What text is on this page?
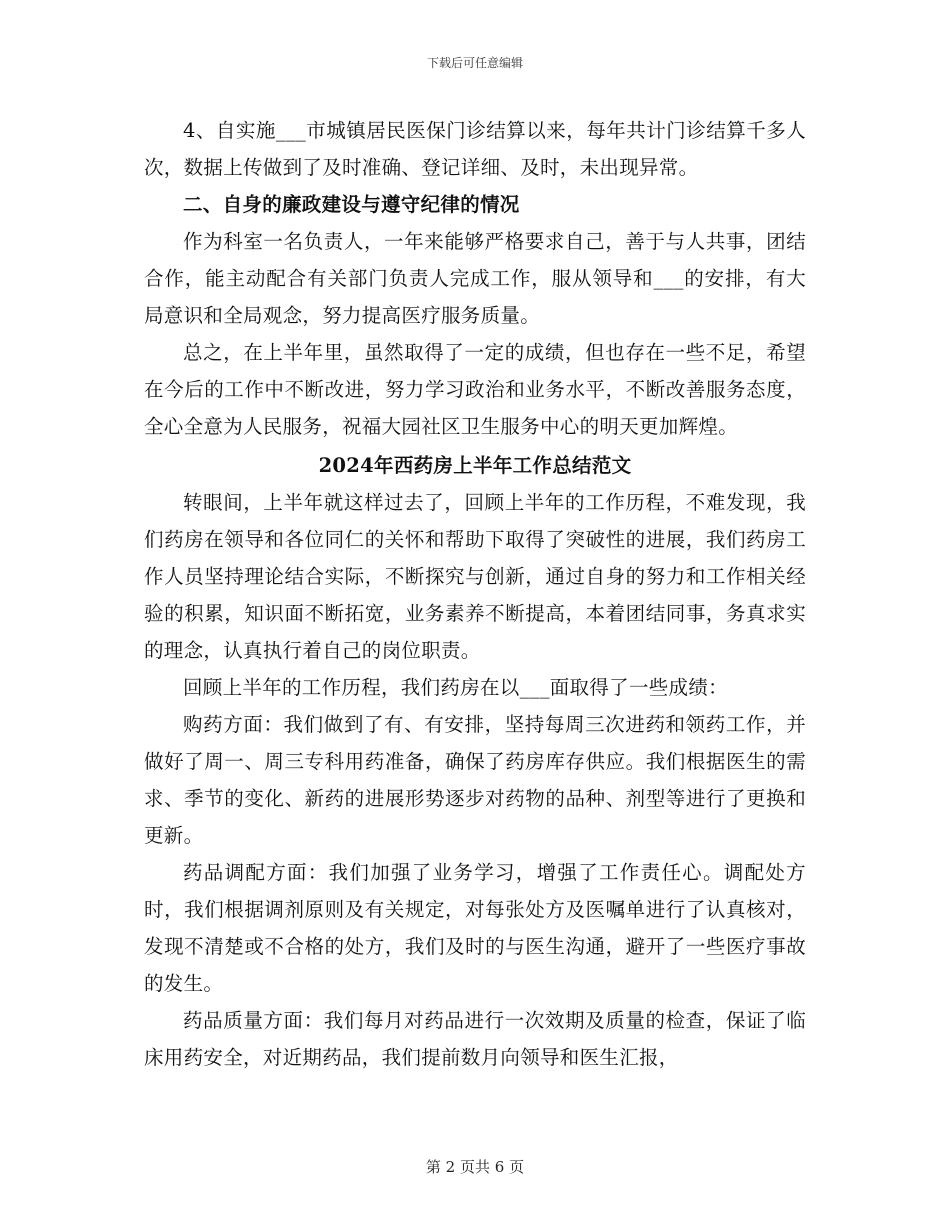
下载后可任意编辑

4、自实施___市城镇居民医保门诊结算以来，每年共计门诊结算千多人次，数据上传做到了及时准确、登记详细、及时，未出现异常。

二、自身的廉政建设与遵守纪律的情况

作为科室一名负责人，一年来能够严格要求自己，善于与人共事，团结合作，能主动配合有关部门负责人完成工作，服从领导和___的安排，有大局意识和全局观念，努力提高医疗服务质量。

总之，在上半年里，虽然取得了一定的成绩，但也存在一些不足，希望在今后的工作中不断改进，努力学习政治和业务水平，不断改善服务态度，全心全意为人民服务，祝福大园社区卫生服务中心的明天更加辉煌。

2024年西药房上半年工作总结范文

转眼间，上半年就这样过去了，回顾上半年的工作历程，不难发现，我们药房在领导和各位同仁的关怀和帮助下取得了突破性的进展，我们药房工作人员坚持理论结合实际，不断探究与创新，通过自身的努力和工作相关经验的积累，知识面不断拓宽，业务素养不断提高，本着团结同事，务真求实的理念，认真执行着自己的岗位职责。

回顾上半年的工作历程，我们药房在以___面取得了一些成绩：

购药方面：我们做到了有、有安排，坚持每周三次进药和领药工作，并做好了周一、周三专科用药准备，确保了药房库存供应。我们根据医生的需求、季节的变化、新药的进展形势逐步对药物的品种、剂型等进行了更换和更新。

药品调配方面：我们加强了业务学习，增强了工作责任心。调配处方时，我们根据调剂原则及有关规定，对每张处方及医嘱单进行了认真核对，发现不清楚或不合格的处方，我们及时的与医生沟通，避开了一些医疗事故的发生。

药品质量方面：我们每月对药品进行一次效期及质量的检查，保证了临床用药安全，对近期药品，我们提前数月向领导和医生汇报，

第 2 页共 6 页
